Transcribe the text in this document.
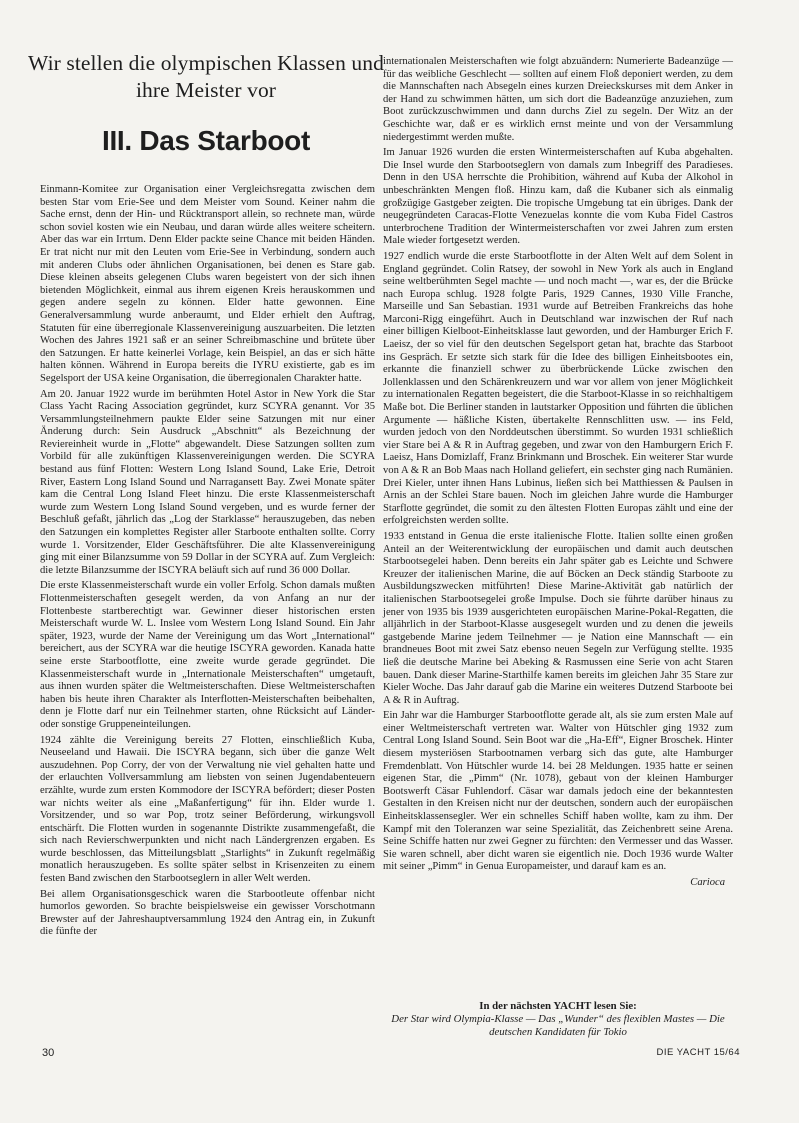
Wir stellen die olympischen Klassen und ihre Meister vor
III. Das Starboot

Einmann-Komitee zur Organisation einer Vergleichsregatta zwischen dem besten Star vom Erie-See und dem Meister vom Sound. Keiner nahm die Sache ernst, denn der Hin- und Rücktransport allein, so rechnete man, würde schon soviel kosten wie ein Neubau, und daran würde alles weitere scheitern. Aber das war ein Irrtum. Denn Elder packte seine Chance mit beiden Händen. Er trat nicht nur mit den Leuten vom Erie-See in Verbindung, sondern auch mit anderen Clubs oder ähnlichen Organisationen, bei denen es Stare gab. Diese kleinen abseits gelegenen Clubs waren begeistert von der sich ihnen bietenden Möglichkeit, einmal aus ihrem eigenen Kreis herauskommen und gegen andere segeln zu können. Elder hatte gewonnen. Eine Generalversammlung wurde anberaumt, und Elder erhielt den Auftrag, Statuten für eine überregionale Klassenvereinigung auszuarbeiten. Die letzten Wochen des Jahres 1921 saß er an seiner Schreibmaschine und brütete über den Satzungen. Er hatte keinerlei Vorlage, kein Beispiel, an das er sich hätte halten können. Während in Europa bereits die IYRU existierte, gab es im Segelsport der USA keine Organisation, die überregionalen Charakter hatte.

Am 20. Januar 1922 wurde im berühmten Hotel Astor in New York die Star Class Yacht Racing Association gegründet, kurz SCYRA genannt. Vor 35 Versammlungsteilnehmern paukte Elder seine Satzungen mit nur einer Änderung durch: Sein Ausdruck „Abschnitt“ als Bezeichnung der Reviereinheit wurde in „Flotte“ abgewandelt. Diese Satzungen sollten zum Vorbild für alle zukünftigen Klassenvereinigungen werden. Die SCYRA bestand aus fünf Flotten: Western Long Island Sound, Lake Erie, Detroit River, Eastern Long Island Sound und Narragansett Bay. Zwei Monate später kam die Central Long Island Fleet hinzu. Die erste Klassenmeisterschaft wurde zum Western Long Island Sound vergeben, und es wurde ferner der Beschluß gefaßt, jährlich das „Log der Starklasse“ herauszugeben, das neben den Satzungen ein komplettes Register aller Starboote enthalten sollte. Corry wurde 1. Vorsitzender, Elder Geschäftsführer. Die alte Klassenvereinigung ging mit einer Bilanzsumme von 59 Dollar in der SCYRA auf. Zum Vergleich: die letzte Bilanzsumme der ISCYRA beläuft sich auf rund 36 000 Dollar.

Die erste Klassenmeisterschaft wurde ein voller Erfolg. Schon damals mußten Flottenmeisterschaften gesegelt werden, da von Anfang an nur der Flottenbeste startberechtigt war. Gewinner dieser historischen ersten Meisterschaft wurde W. L. Inslee vom Western Long Island Sound. Ein Jahr später, 1923, wurde der Name der Vereinigung um das Wort „International“ bereichert, aus der SCYRA war die heutige ISCYRA geworden. Kanada hatte seine erste Starbootflotte, eine zweite wurde gerade gegründet. Die Klassenmeisterschaft wurde in „Internationale Meisterschaften“ umgetauft, aus ihnen wurden später die Weltmeisterschaften. Diese Weltmeisterschaften haben bis heute ihren Charakter als Interflotten-Meisterschaften beibehalten, denn je Flotte darf nur ein Teilnehmer starten, ohne Rücksicht auf Länder- oder sonstige Gruppeneinteilungen.

1924 zählte die Vereinigung bereits 27 Flotten, einschließlich Kuba, Neuseeland und Hawaii. Die ISCYRA begann, sich über die ganze Welt auszudehnen. Pop Corry, der von der Verwaltung nie viel gehalten hatte und der erlauchten Vollversammlung am liebsten von seinen Jugendabenteuern erzählte, wurde zum ersten Kommodore der ISCYRA befördert; dieser Posten war nichts weiter als eine „Maßanfertigung“ für ihn. Elder wurde 1. Vorsitzender, und so war Pop, trotz seiner Beförderung, wirkungsvoll entschärft. Die Flotten wurden in sogenannte Distrikte zusammengefaßt, die sich nach Revierschwerpunkten und nicht nach Ländergrenzen ergaben. Es wurde beschlossen, das Mitteilungsblatt „Starlights“ in Zukunft regelmäßig monatlich herauszugeben. Es sollte später selbst in Krisenzeiten zu einem festen Band zwischen den Starbootseglern in aller Welt werden.

Bei allem Organisationsgeschick waren die Starbootleute offenbar nicht humorlos geworden. So brachte beispielsweise ein gewisser Vorschotmann Brewster auf der Jahreshauptversammlung 1924 den Antrag ein, in Zukunft die fünfte der

internationalen Meisterschaften wie folgt abzuändern: Numerierte Badeanzüge — für das weibliche Geschlecht — sollten auf einem Floß deponiert werden, zu dem die Mannschaften nach Absegeln eines kurzen Dreieckskurses mit dem Anker in der Hand zu schwimmen hätten, um sich dort die Badeanzüge anzuziehen, zum Boot zurückzuschwimmen und dann durchs Ziel zu segeln. Der Witz an der Geschichte war, daß er es wirklich ernst meinte und von der Versammlung niedergestimmt werden mußte.

Im Januar 1926 wurden die ersten Wintermeisterschaften auf Kuba abgehalten. Die Insel wurde den Starbootseglern von damals zum Inbegriff des Paradieses. Denn in den USA herrschte die Prohibition, während auf Kuba der Alkohol in unbeschränkten Mengen floß. Hinzu kam, daß die Kubaner sich als einmalig großzügige Gastgeber zeigten. Die tropische Umgebung tat ein übriges. Dank der neugegründeten Caracas-Flotte Venezuelas konnte die vom Kuba Fidel Castros unterbrochene Tradition der Wintermeisterschaften vor zwei Jahren zum ersten Male wieder fortgesetzt werden.

1927 endlich wurde die erste Starbootflotte in der Alten Welt auf dem Solent in England gegründet. Colin Ratsey, der sowohl in New York als auch in England seine weltberühmten Segel machte — und noch macht —, war es, der die Brücke nach Europa schlug. 1928 folgte Paris, 1929 Cannes, 1930 Ville Franche, Marseille und San Sebastian. 1931 wurde auf Betreiben Frankreichs das hohe Marconi-Rigg eingeführt. Auch in Deutschland war inzwischen der Ruf nach einer billigen Kielboot-Einheitsklasse laut geworden, und der Hamburger Erich F. Laeisz, der so viel für den deutschen Segelsport getan hat, brachte das Starboot ins Gespräch. Er setzte sich stark für die Idee des billigen Einheitsbootes ein, erkannte die finanziell schwer zu überbrückende Lücke zwischen den Jollenklassen und den Schärenkreuzern und war vor allem von jener Möglichkeit zu internationalen Regatten begeistert, die die Starboot-Klasse in so reichhaltigem Maße bot. Die Berliner standen in lautstarker Opposition und führten die üblichen Argumente — häßliche Kisten, übertakelte Rennschlitten usw. — ins Feld, wurden jedoch von den Norddeutschen überstimmt. So wurden 1931 schließlich vier Stare bei A & R in Auftrag gegeben, und zwar von den Hamburgern Erich F. Laeisz, Hans Domizlaff, Franz Brinkmann und Broschek. Ein weiterer Star wurde von A & R an Bob Maas nach Holland geliefert, ein sechster ging nach Rumänien. Drei Kieler, unter ihnen Hans Lubinus, ließen sich bei Matthiessen & Paulsen in Arnis an der Schlei Stare bauen. Noch im gleichen Jahre wurde die Hamburger Starflotte gegründet, die somit zu den ältesten Flotten Europas zählt und eine der erfolgreichsten werden sollte.

1933 entstand in Genua die erste italienische Flotte. Italien sollte einen großen Anteil an der Weiterentwicklung der europäischen und damit auch deutschen Starbootsegelei haben. Denn bereits ein Jahr später gab es Leichte und Schwere Kreuzer der italienischen Marine, die auf Böcken an Deck ständig Starboote zu Ausbildungszwecken mitführten! Diese Marine-Aktivität gab natürlich der italienischen Starbootsegelei große Impulse. Doch sie führte darüber hinaus zu jener von 1935 bis 1939 ausgerichteten europäischen Marine-Pokal-Regatten, die alljährlich in der Starboot-Klasse ausgesegelt wurden und zu denen die jeweils gastgebende Marine jedem Teilnehmer — je Nation eine Mannschaft — ein brandneues Boot mit zwei Satz ebenso neuen Segeln zur Verfügung stellte. 1935 ließ die deutsche Marine bei Abeking & Rasmussen eine Serie von acht Staren bauen. Dank dieser Marine-Starthilfe kamen bereits im gleichen Jahr 35 Stare zur Kieler Woche. Das Jahr darauf gab die Marine ein weiteres Dutzend Starboote bei A & R in Auftrag.

Ein Jahr war die Hamburger Starbootflotte gerade alt, als sie zum ersten Male auf einer Weltmeisterschaft vertreten war. Walter von Hütschler ging 1932 zum Central Long Island Sound. Sein Boot war die „Ha-Eff“, Eigner Broschek. Hinter diesem mysteriösen Starbootnamen verbarg sich das gute, alte Hamburger Fremdenblatt. Von Hütschler wurde 14. bei 28 Meldungen. 1935 hatte er seinen eigenen Star, die „Pimm“ (Nr. 1078), gebaut von der kleinen Hamburger Bootswerft Cäsar Fuhlendorf. Cäsar war damals jedoch eine der bekanntesten Gestalten in den Kreisen nicht nur der deutschen, sondern auch der europäischen Einheitsklassensegler. Wer ein schnelles Schiff haben wollte, kam zu ihm. Der Kampf mit den Toleranzen war seine Spezialität, das Zeichenbrett seine Arena. Seine Schiffe hatten nur zwei Gegner zu fürchten: den Vermesser und das Wasser. Sie waren schnell, aber dicht waren sie eigentlich nie. Doch 1936 wurde Walter mit seiner „Pimm“ in Genua Europameister, und darauf kam es an.

Carioca

In der nächsten YACHT lesen Sie:
Der Star wird Olympia-Klasse — Das „Wunder“ des flexiblen Mastes — Die deutschen Kandidaten für Tokio
30	DIE YACHT 15/64
